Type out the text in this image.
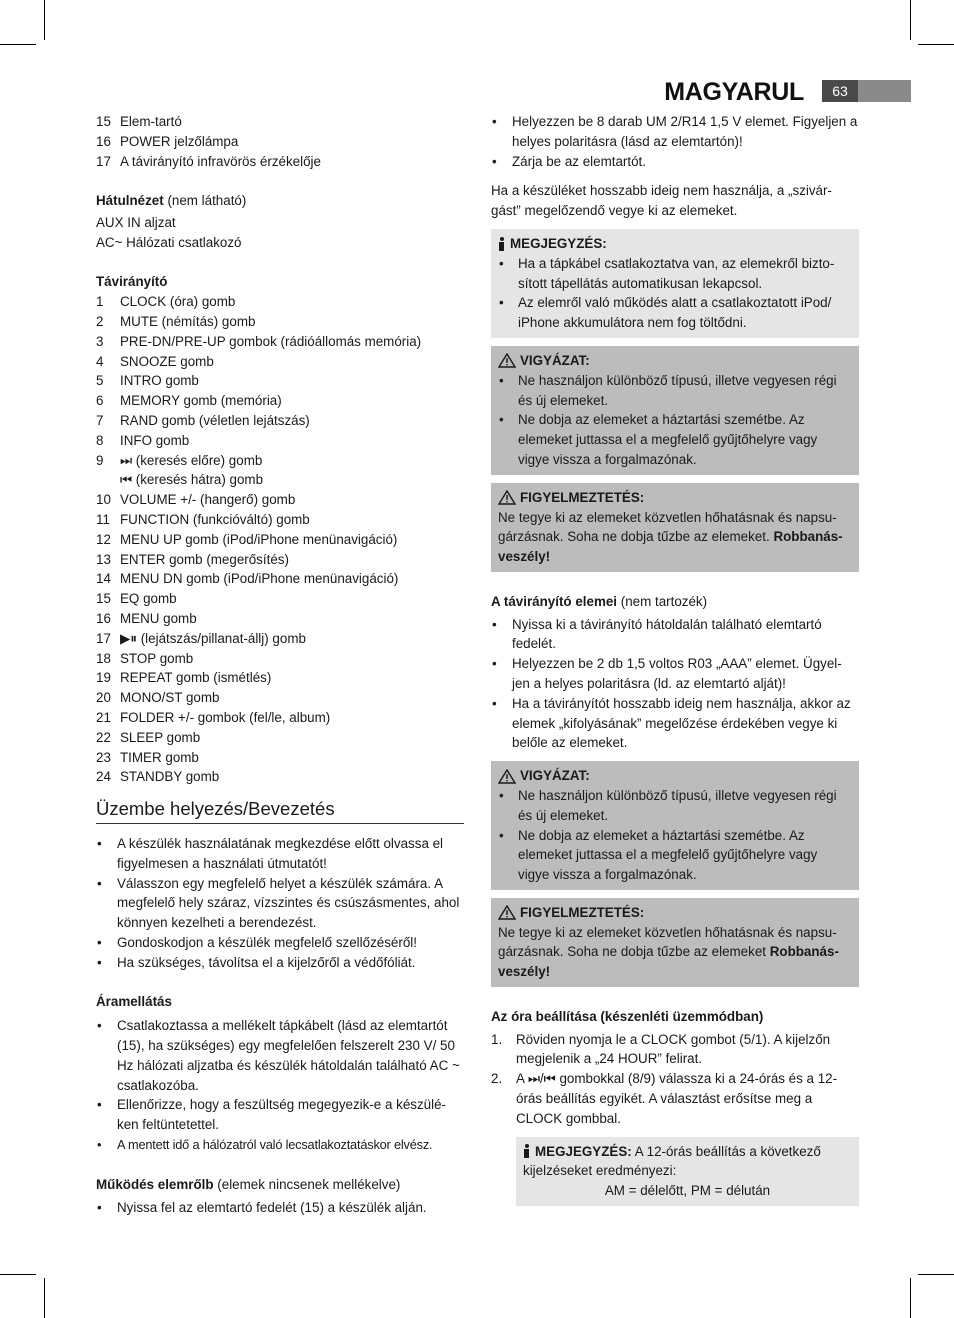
MAGYARUL	63
15 Elem-tartó
16 POWER jelzőlámpa
17 A távirányító infravörös érzékelője

Hátulnézet (nem látható)

AUX IN aljzat

AC~ Hálózati csatlakozó

Távirányító

1 CLOCK (óra) gomb
2 MUTE (némítás) gomb
3 PRE-DN/PRE-UP gombok (rádióállomás memória)
4 SNOOZE gomb
5 INTRO gomb
6 MEMORY gomb (memória)
7 RAND gomb (véletlen lejátszás)
8 INFO gomb
9 ⏭ (keresés előre) gomb
⏮ (keresés hátra) gomb
10 VOLUME +/- (hangerő) gomb
11 FUNCTION (funkcióváltó) gomb
12 MENU UP gomb (iPod/iPhone menünavigáció)
13 ENTER gomb (megerősítés)
14 MENU DN gomb (iPod/iPhone menünavigáció)
15 EQ gomb
16 MENU gomb
17 ▶⏸ (lejátszás/pillanat-állj) gomb
18 STOP gomb
19 REPEAT gomb (ismétlés)
20 MONO/ST gomb
21 FOLDER +/- gombok (fel/le, album)
22 SLEEP gomb
23 TIMER gomb
24 STANDBY gomb
Üzembe helyezés/Bevezetés
• A készülék használatának megkezdése előtt olvassa el figyelmesen a használati útmutatót!
• Válasszon egy megfelelő helyet a készülék számára. A megfelelő hely száraz, vízszintes és csúszásmentes, ahol könnyen kezelheti a berendezést.
• Gondoskodjon a készülék megfelelő szellőzéséről!
• Ha szükséges, távolítsa el a kijelzőről a védőfóliát.

Áramellátás

• Csatlakoztassa a mellékelt tápkábelt (lásd az elemtartót (15), ha szükséges) egy megfelelően felszerelt 230 V/ 50 Hz hálózati aljzatba és készülék hátoldalán található AC ~ csatlakozóba.
• Ellenőrizze, hogy a feszültség megegyezik-e a készülé-ken feltüntetettel.
• A mentett idő a hálózatról való lecsatlakoztatáskor elvész.

Működés elemrőlb (elemek nincsenek mellékelve)

• Nyissa fel az elemtartó fedelét (15) a készülék alján.
• Helyezzen be 8 darab UM 2/R14 1,5 V elemet. Figyeljen a helyes polaritásra (lásd az elemtartón)!
• Zárja be az elemtartót.

Ha a készüléket hosszabb ideig nem használja, a „szivár-gást” megelőzendő vegye ki az elemeket.

MEGJEGYZÉS:
• Ha a tápkábel csatlakoztatva van, az elemekről bizto-sított tápellátás automatikusan lekapcsol.
• Az elemről való működés alatt a csatlakoztatott iPod/ iPhone akkumulátora nem fog töltődni.
VIGYÁZAT:
• Ne használjon különböző típusú, illetve vegyesen régi és új elemeket.
• Ne dobja az elemeket a háztartási szemétbe. Az elemeket juttassa el a megfelelő gyűjtőhelyre vagy vigye vissza a forgalmazónak.
FIGYELMEZTETÉS:

Ne tegye ki az elemeket közvetlen hőhatásnak és napsu-gárzásnak. Soha ne dobja tűzbe az elemeket. Robbanás-veszély!

A távirányító elemei (nem tartozék)

• Nyissa ki a távirányító hátoldalán található elemtartó fedelét.
• Helyezzen be 2 db 1,5 voltos R03 „AAA” elemet. Ügyel-jen a helyes polaritásra (ld. az elemtartó alját)!
• Ha a távirányítót hosszabb ideig nem használja, akkor az elemek „kifolyásának” megelőzése érdekében vegye ki belőle az elemeket.
VIGYÁZAT:
• Ne használjon különböző típusú, illetve vegyesen régi és új elemeket.
• Ne dobja az elemeket a háztartási szemétbe. Az elemeket juttassa el a megfelelő gyűjtőhelyre vagy vigye vissza a forgalmazónak.
FIGYELMEZTETÉS:

Ne tegye ki az elemeket közvetlen hőhatásnak és napsu-gárzásnak. Soha ne dobja tűzbe az elemeket Robbanás-veszély!

Az óra beállítása (készenléti üzemmódban)

1. Röviden nyomja le a CLOCK gombot (5/1). A kijelzőn megjelenik a „24 HOUR” felirat.
2. A ⏭/⏮ gombokkal (8/9) válassza ki a 24-órás és a 12-órás beállítás egyikét. A választást erősítse meg a CLOCK gombbal.

MEGJEGYZÉS: A 12-órás beállítás a következő kijelzéseket eredményezi:

AM = délelőtt, PM = délután
